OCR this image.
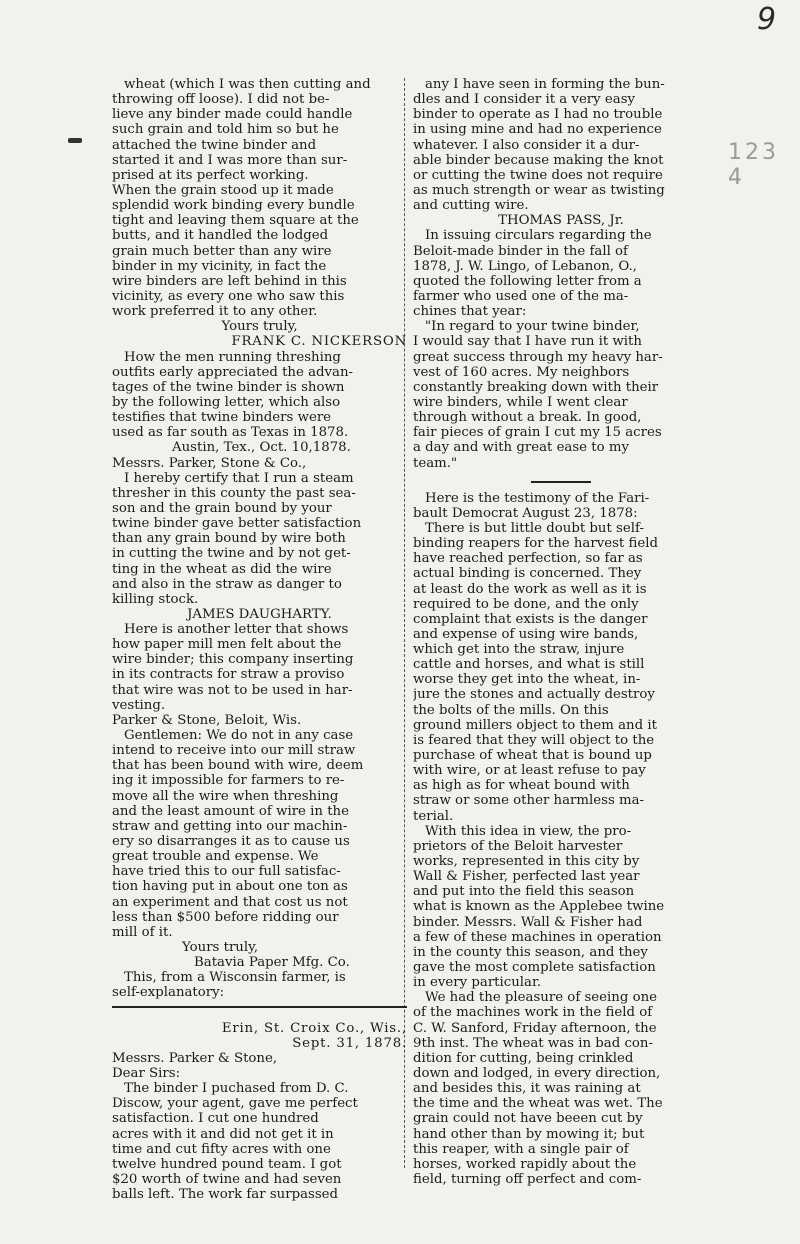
9
1 2 3 4
wheat (which I was then cutting and
throwing off loose). I did not be-
lieve any binder made could handle
such grain and told him so but he
attached the twine binder and
started it and I was more than sur-
prised at its perfect working.
When the grain stood up it made
splendid work binding every bundle
tight and leaving them square at the
butts, and it handled the lodged
grain much better than any wire
binder in my vicinity, in fact the
wire binders are left behind in this
vicinity, as every one who saw this
work preferred it to any other.
Yours truly,
FRANK C. NICKERSON
How the men running threshing
outfits early appreciated the advan-
tages of the twine binder is shown
by the following letter, which also
testifies that twine binders were
used as far south as Texas in 1878.
Austin, Tex., Oct. 10,1878.
Messrs. Parker, Stone & Co.,
I hereby certify that I run a steam
thresher in this county the past sea-
son and the grain bound by your
twine binder gave better satisfaction
than any grain bound by wire both
in cutting the twine and by not get-
ting in the wheat as did the wire
and also in the straw as danger to
killing stock.
JAMES DAUGHARTY.
Here is another letter that shows
how paper mill men felt about the
wire binder; this company inserting
in its contracts for straw a proviso
that wire was not to be used in har-
vesting.
Parker & Stone, Beloit, Wis.
Gentlemen: We do not in any case
intend to receive into our mill straw
that has been bound with wire, deem
ing it impossible for farmers to re-
move all the wire when threshing
and the least amount of wire in the
straw and getting into our machin-
ery so disarranges it as to cause us
great trouble and expense. We
have tried this to our full satisfac-
tion having put in about one ton as
an experiment and that cost us not
less than $500 before ridding our
mill of it.
Yours truly,
Batavia Paper Mfg. Co.
This, from a Wisconsin farmer, is
self-explanatory:
Erin, St. Croix Co., Wis.,
Sept. 31, 1878.
Messrs. Parker & Stone,
Dear Sirs:
The binder I puchased from D. C.
Discow, your agent, gave me perfect
satisfaction. I cut one hundred
acres with it and did not get it in
time and cut fifty acres with one
twelve hundred pound team. I got
$20 worth of twine and had seven
balls left. The work far surpassed
any I have seen in forming the bun-
dles and I consider it a very easy
binder to operate as I had no trouble
in using mine and had no experience
whatever. I also consider it a dur-
able binder because making the knot
or cutting the twine does not require
as much strength or wear as twisting
and cutting wire.
THOMAS PASS, Jr.
In issuing circulars regarding the
Beloit-made binder in the fall of
1878, J. W. Lingo, of Lebanon, O.,
quoted the following letter from a
farmer who used one of the ma-
chines that year:
"In regard to your twine binder,
I would say that I have run it with
great success through my heavy har-
vest of 160 acres. My neighbors
constantly breaking down with their
wire binders, while I went clear
through without a break. In good,
fair pieces of grain I cut my 15 acres
a day and with great ease to my
team."
Here is the testimony of the Fari-
bault Democrat August 23, 1878:
There is but little doubt but self-
binding reapers for the harvest field
have reached perfection, so far as
actual binding is concerned. They
at least do the work as well as it is
required to be done, and the only
complaint that exists is the danger
and expense of using wire bands,
which get into the straw, injure
cattle and horses, and what is still
worse they get into the wheat, in-
jure the stones and actually destroy
the bolts of the mills. On this
ground millers object to them and it
is feared that they will object to the
purchase of wheat that is bound up
with wire, or at least refuse to pay
as high as for wheat bound with
straw or some other harmless ma-
terial.
With this idea in view, the pro-
prietors of the Beloit harvester
works, represented in this city by
Wall & Fisher, perfected last year
and put into the field this season
what is known as the Applebee twine
binder. Messrs. Wall & Fisher had
a few of these machines in operation
in the county this season, and they
gave the most complete satisfaction
in every particular.
We had the pleasure of seeing one
of the machines work in the field of
C. W. Sanford, Friday afternoon, the
9th inst. The wheat was in bad con-
dition for cutting, being crinkled
down and lodged, in every direction,
and besides this, it was raining at
the time and the wheat was wet. The
grain could not have beeen cut by
hand other than by mowing it; but
this reaper, with a single pair of
horses, worked rapidly about the
field, turning off perfect and com-
